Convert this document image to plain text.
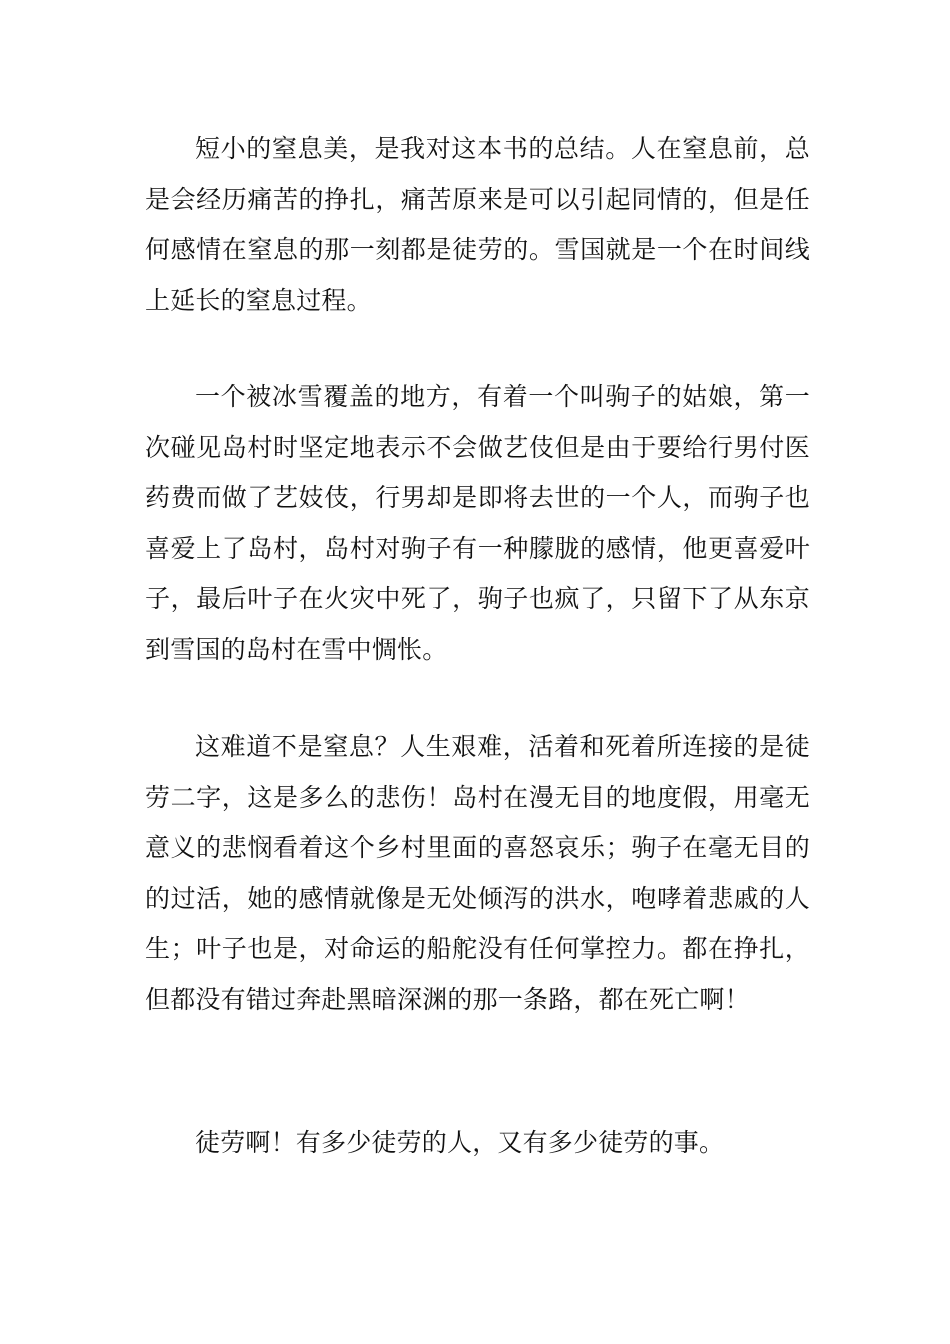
短小的窒息美，是我对这本书的总结。人在窒息前，总是会经历痛苦的挣扎，痛苦原来是可以引起同情的，但是任何感情在窒息的那一刻都是徒劳的。雪国就是一个在时间线上延长的窒息过程。

一个被冰雪覆盖的地方，有着一个叫驹子的姑娘，第一次碰见岛村时坚定地表示不会做艺伎但是由于要给行男付医药费而做了艺妓伎，行男却是即将去世的一个人，而驹子也喜爱上了岛村，岛村对驹子有一种朦胧的感情，他更喜爱叶子，最后叶子在火灾中死了，驹子也疯了，只留下了从东京到雪国的岛村在雪中惆怅。

这难道不是窒息？人生艰难，活着和死着所连接的是徒劳二字，这是多么的悲伤！岛村在漫无目的地度假，用毫无意义的悲悯看着这个乡村里面的喜怒哀乐；驹子在毫无目的的过活，她的感情就像是无处倾泻的洪水，咆哮着悲戚的人生；叶子也是，对命运的船舵没有任何掌控力。都在挣扎，但都没有错过奔赴黑暗深渊的那一条路，都在死亡啊！

徒劳啊！有多少徒劳的人，又有多少徒劳的事。
